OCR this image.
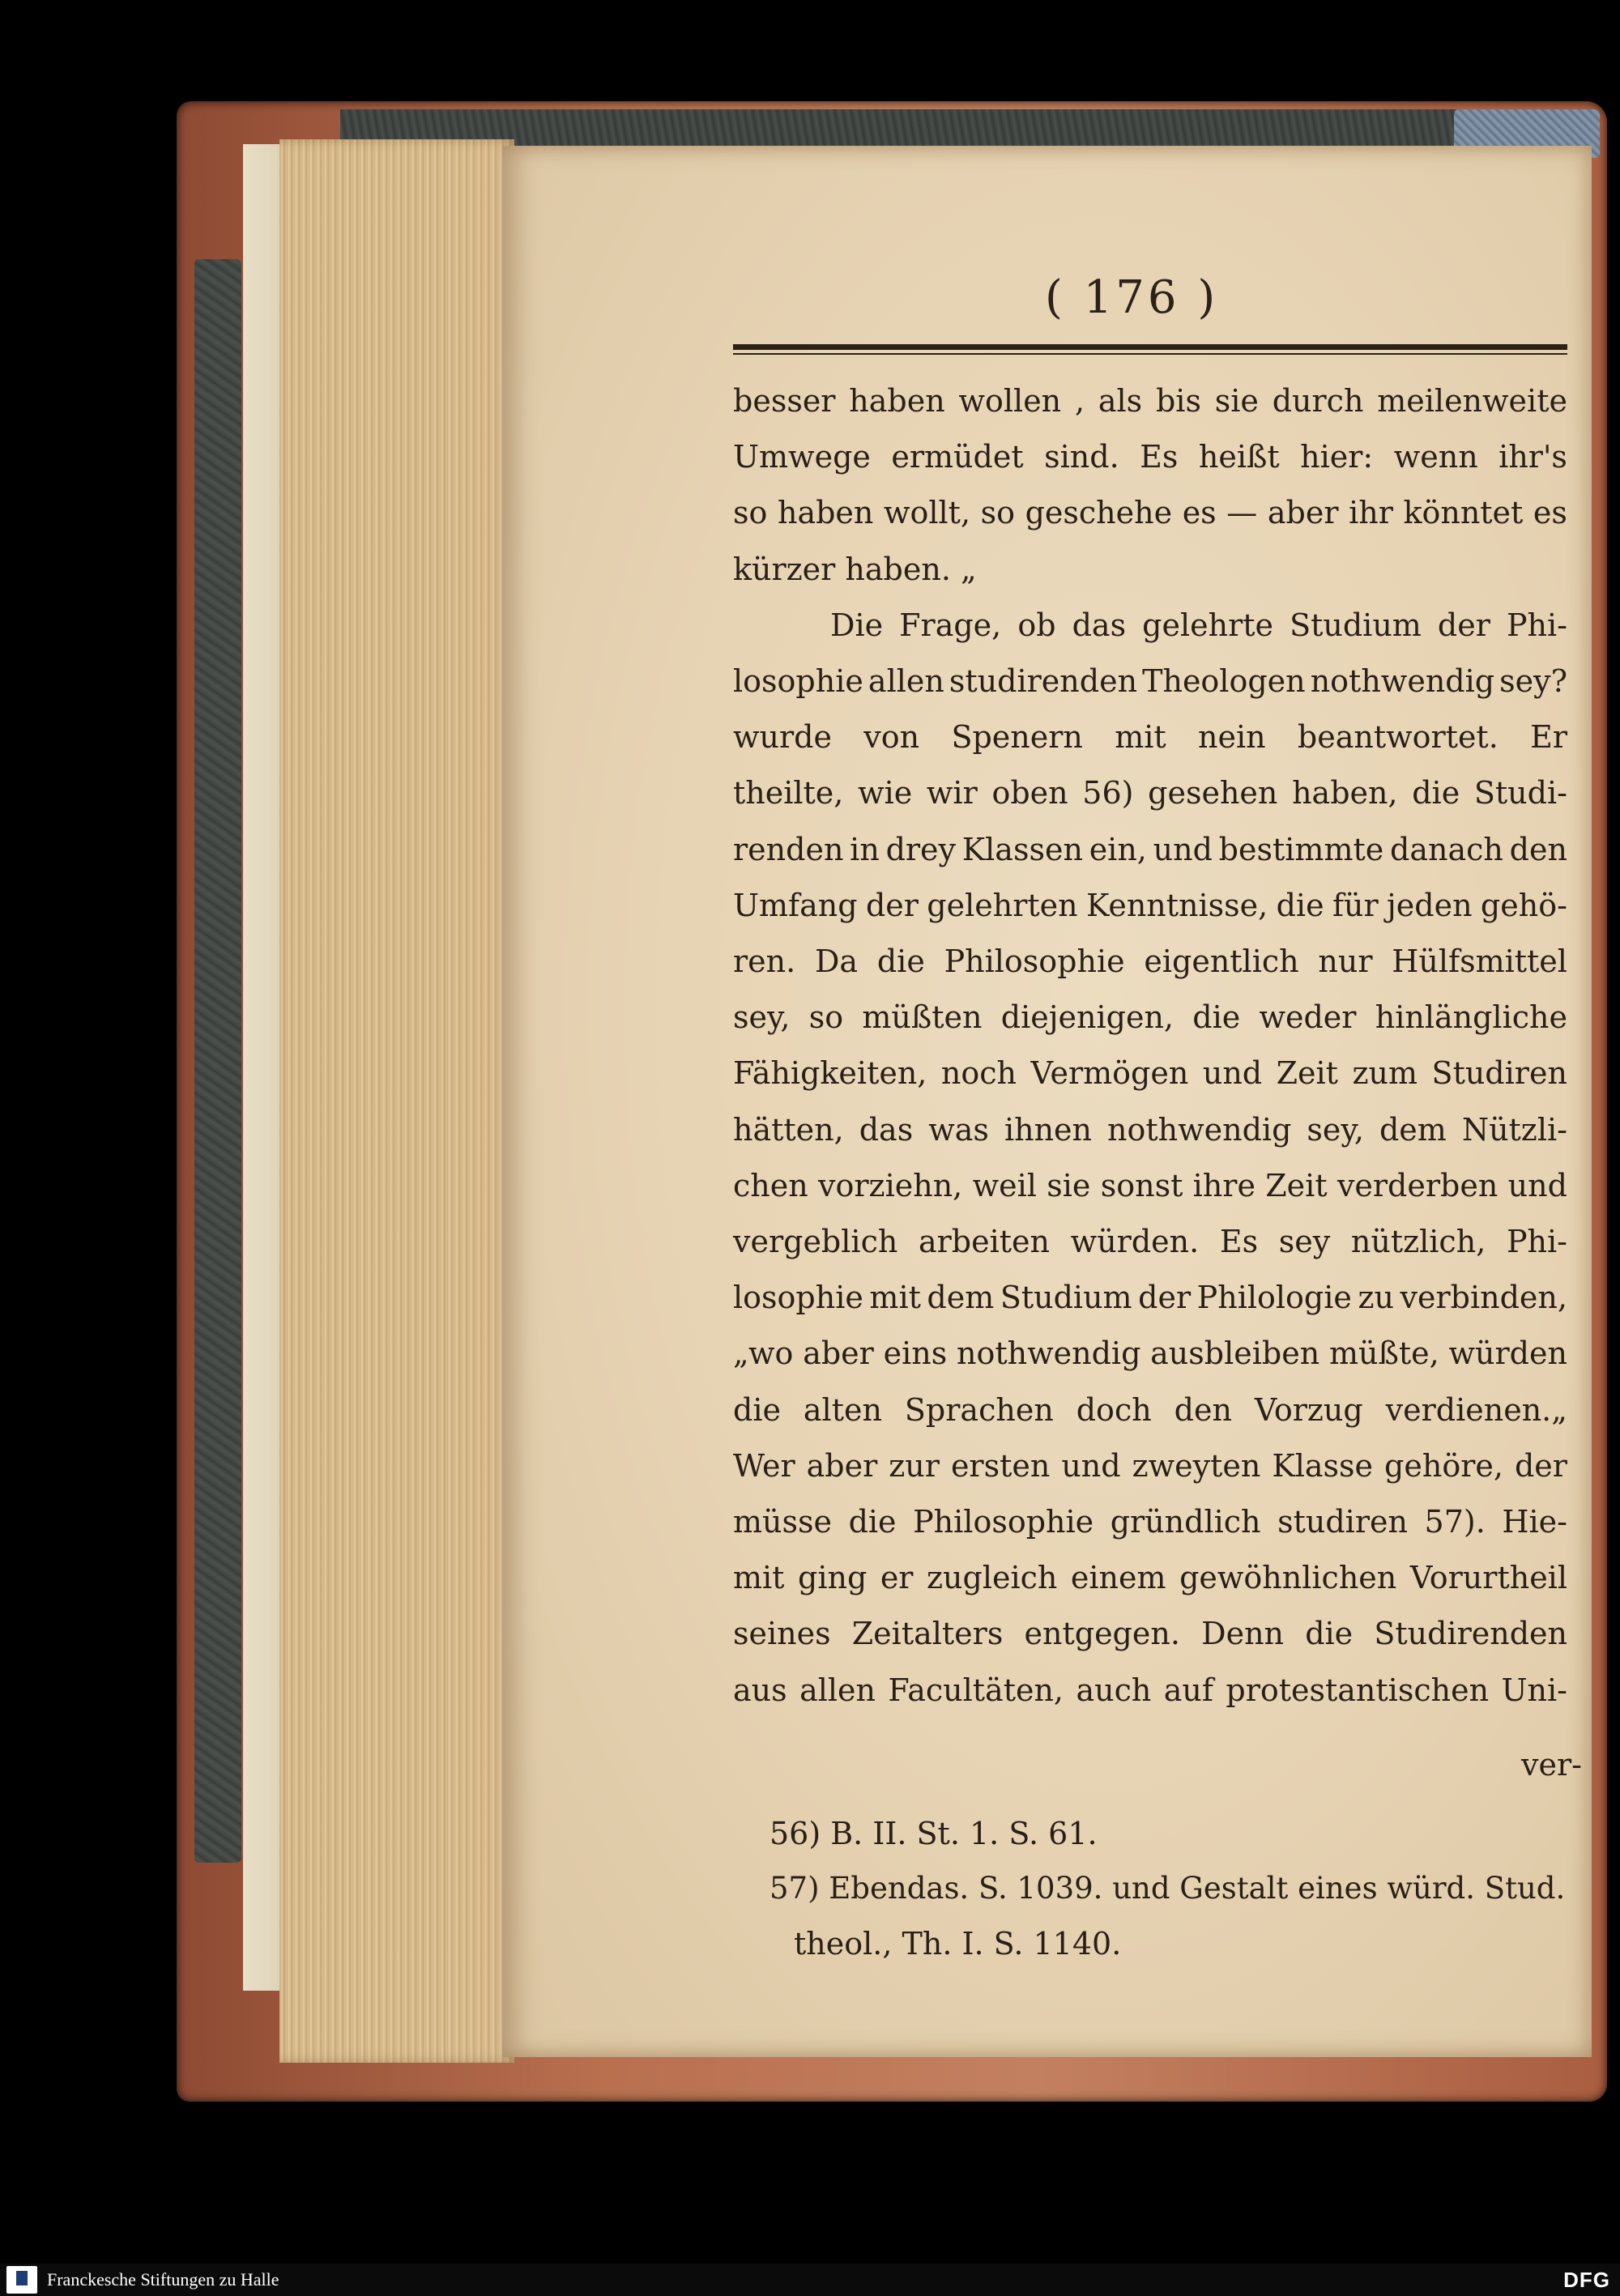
( 176 )
besser haben wollen , als bis sie durch meilenweite
Umwege ermüdet sind. Es heißt hier: wenn ihr's
so haben wollt, so geschehe es — aber ihr könntet es
kürzer haben. „
Die Frage, ob das gelehrte Studium der Phi-
losophie allen studirenden Theologen nothwendig sey?
wurde von Spenern mit nein beantwortet. Er
theilte, wie wir oben 56) gesehen haben, die Studi-
renden in drey Klassen ein, und bestimmte danach den
Umfang der gelehrten Kenntnisse, die für jeden gehö-
ren. Da die Philosophie eigentlich nur Hülfsmittel
sey, so müßten diejenigen, die weder hinlängliche
Fähigkeiten, noch Vermögen und Zeit zum Studiren
hätten, das was ihnen nothwendig sey, dem Nützli-
chen vorziehn, weil sie sonst ihre Zeit verderben und
vergeblich arbeiten würden. Es sey nützlich, Phi-
losophie mit dem Studium der Philologie zu verbinden,
„wo aber eins nothwendig ausbleiben müßte, würden
die alten Sprachen doch den Vorzug verdienen.„
Wer aber zur ersten und zweyten Klasse gehöre, der
müsse die Philosophie gründlich studiren 57). Hie-
mit ging er zugleich einem gewöhnlichen Vorurtheil
seines Zeitalters entgegen. Denn die Studirenden
aus allen Facultäten, auch auf protestantischen Uni-
ver-
56) B. II. St. 1. S. 61.
57) Ebendas. S. 1039. und Gestalt eines würd. Stud.
theol., Th. I. S. 1140.
Franckesche Stiftungen zu Halle	DFG
